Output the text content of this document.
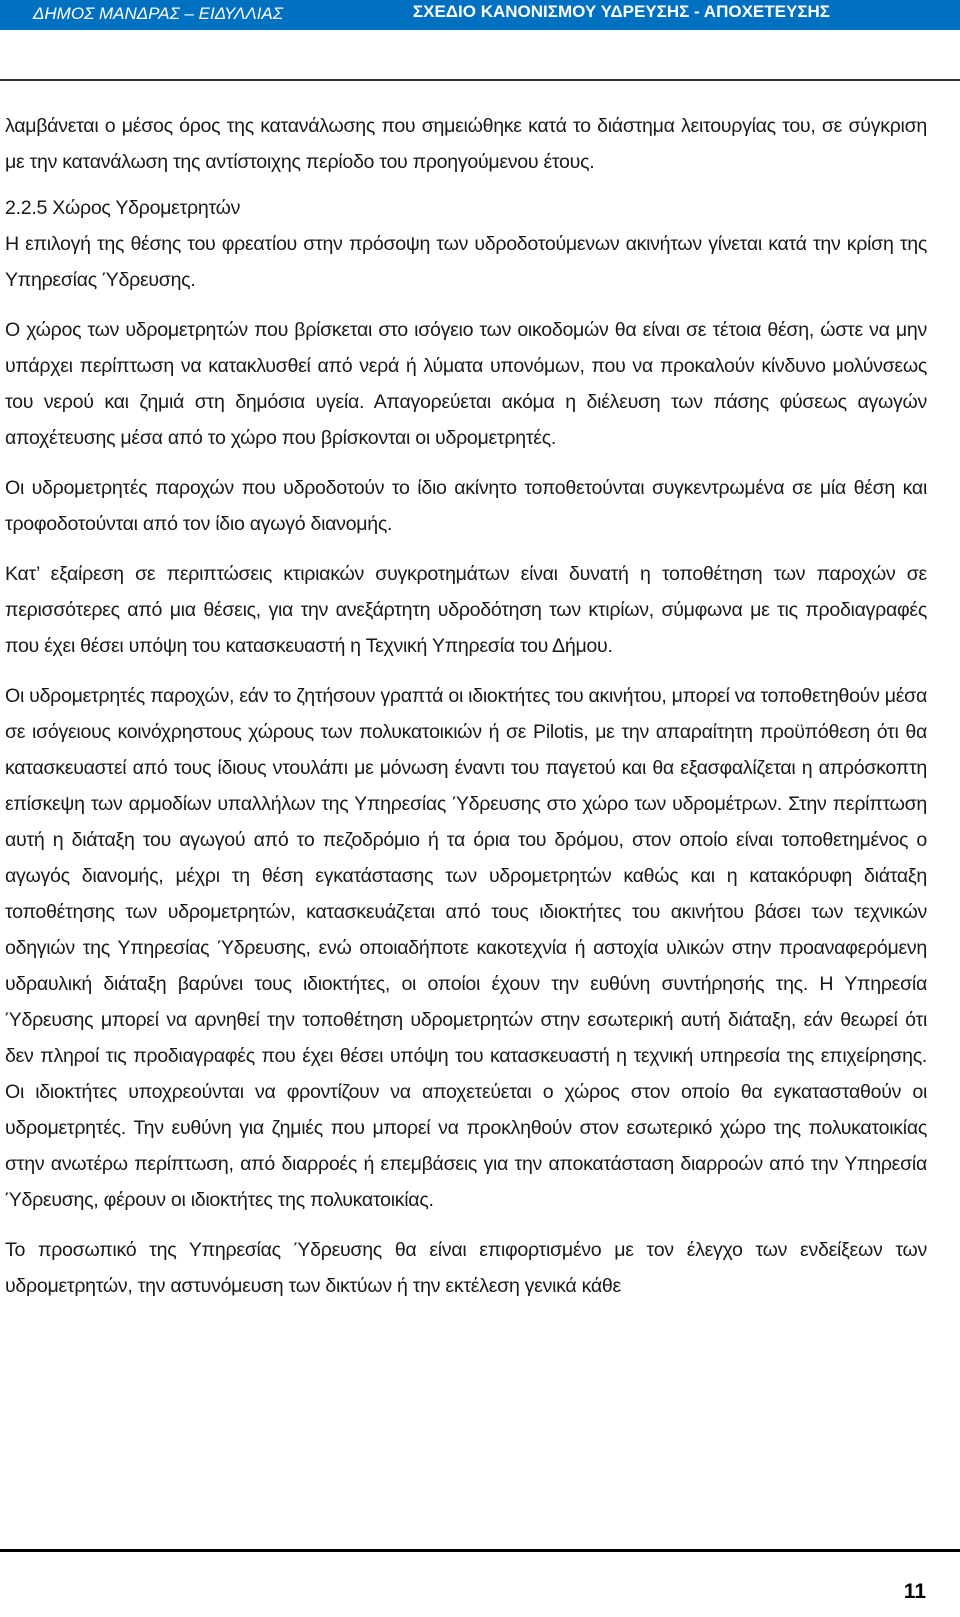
ΔΗΜΟΣ ΜΑΝΔΡΑΣ – ΕΙΔΥΛΛΙΑΣ	ΣΧΕΔΙΟ ΚΑΝΟΝΙΣΜΟΥ ΥΔΡΕΥΣΗΣ - ΑΠΟΧΕΤΕΥΣΗΣ

λαμβάνεται ο μέσος όρος της κατανάλωσης που σημειώθηκε κατά το διάστημα λειτουργίας του, σε σύγκριση με την κατανάλωση της αντίστοιχης περίοδο του προηγούμενου έτους.

2.2.5 Χώρος Υδρομετρητών

Η επιλογή της θέσης του φρεατίου στην πρόσοψη των υδροδοτούμενων ακινήτων γίνεται κατά την κρίση της Υπηρεσίας Ύδρευσης.

Ο χώρος των υδρομετρητών που βρίσκεται στο ισόγειο των οικοδομών θα είναι σε τέτοια θέση, ώστε να μην υπάρχει περίπτωση να κατακλυσθεί από νερά ή λύματα υπονόμων, που να προκαλούν κίνδυνο μολύνσεως του νερού και ζημιά στη δημόσια υγεία. Απαγορεύεται ακόμα η διέλευση των πάσης φύσεως αγωγών αποχέτευσης μέσα από το χώρο που βρίσκονται οι υδρομετρητές.

Οι υδρομετρητές παροχών που υδροδοτούν το ίδιο ακίνητο τοποθετούνται συγκεντρωμένα σε μία θέση και τροφοδοτούνται από τον ίδιο αγωγό διανομής.

Κατ’ εξαίρεση σε περιπτώσεις κτιριακών συγκροτημάτων είναι δυνατή η τοποθέτηση των παροχών σε περισσότερες από μια θέσεις, για την ανεξάρτητη υδροδότηση των κτιρίων, σύμφωνα με τις προδιαγραφές που έχει θέσει υπόψη του κατασκευαστή η Τεχνική Υπηρεσία του Δήμου.

Οι υδρομετρητές παροχών, εάν το ζητήσουν γραπτά οι ιδιοκτήτες του ακινήτου, μπορεί να τοποθετηθούν μέσα σε ισόγειους κοινόχρηστους χώρους των πολυκατοικιών ή σε Pilotis, με την απαραίτητη προϋπόθεση ότι θα κατασκευαστεί από τους ίδιους ντουλάπι με μόνωση έναντι του παγετού και θα εξασφαλίζεται η απρόσκοπτη επίσκεψη των αρμοδίων υπαλλήλων της Υπηρεσίας Ύδρευσης στο χώρο των υδρομέτρων. Στην περίπτωση αυτή η διάταξη του αγωγού από το πεζοδρόμιο ή τα όρια του δρόμου, στον οποίο είναι τοποθετημένος ο αγωγός διανομής, μέχρι τη θέση εγκατάστασης των υδρομετρητών καθώς και η κατακόρυφη διάταξη τοποθέτησης των υδρομετρητών, κατασκευάζεται από τους ιδιοκτήτες του ακινήτου βάσει των τεχνικών οδηγιών της Υπηρεσίας Ύδρευσης, ενώ οποιαδήποτε κακοτεχνία ή αστοχία υλικών στην προαναφερόμενη υδραυλική διάταξη βαρύνει τους ιδιοκτήτες, οι οποίοι έχουν την ευθύνη συντήρησής της. Η Υπηρεσία Ύδρευσης μπορεί να αρνηθεί την τοποθέτηση υδρομετρητών στην εσωτερική αυτή διάταξη, εάν θεωρεί ότι δεν πληροί τις προδιαγραφές που έχει θέσει υπόψη του κατασκευαστή η τεχνική υπηρεσία της επιχείρησης. Οι ιδιοκτήτες υποχρεούνται να φροντίζουν να αποχετεύεται ο χώρος στον οποίο θα εγκατασταθούν οι υδρομετρητές. Την ευθύνη για ζημιές που μπορεί να προκληθούν στον εσωτερικό χώρο της πολυκατοικίας στην ανωτέρω περίπτωση, από διαρροές ή επεμβάσεις για την αποκατάσταση διαρροών από την Υπηρεσία Ύδρευσης, φέρουν οι ιδιοκτήτες της πολυκατοικίας.

Το προσωπικό της Υπηρεσίας Ύδρευσης θα είναι επιφορτισμένο με τον έλεγχο των ενδείξεων των υδρομετρητών, την αστυνόμευση των δικτύων ή την εκτέλεση γενικά κάθε

11
